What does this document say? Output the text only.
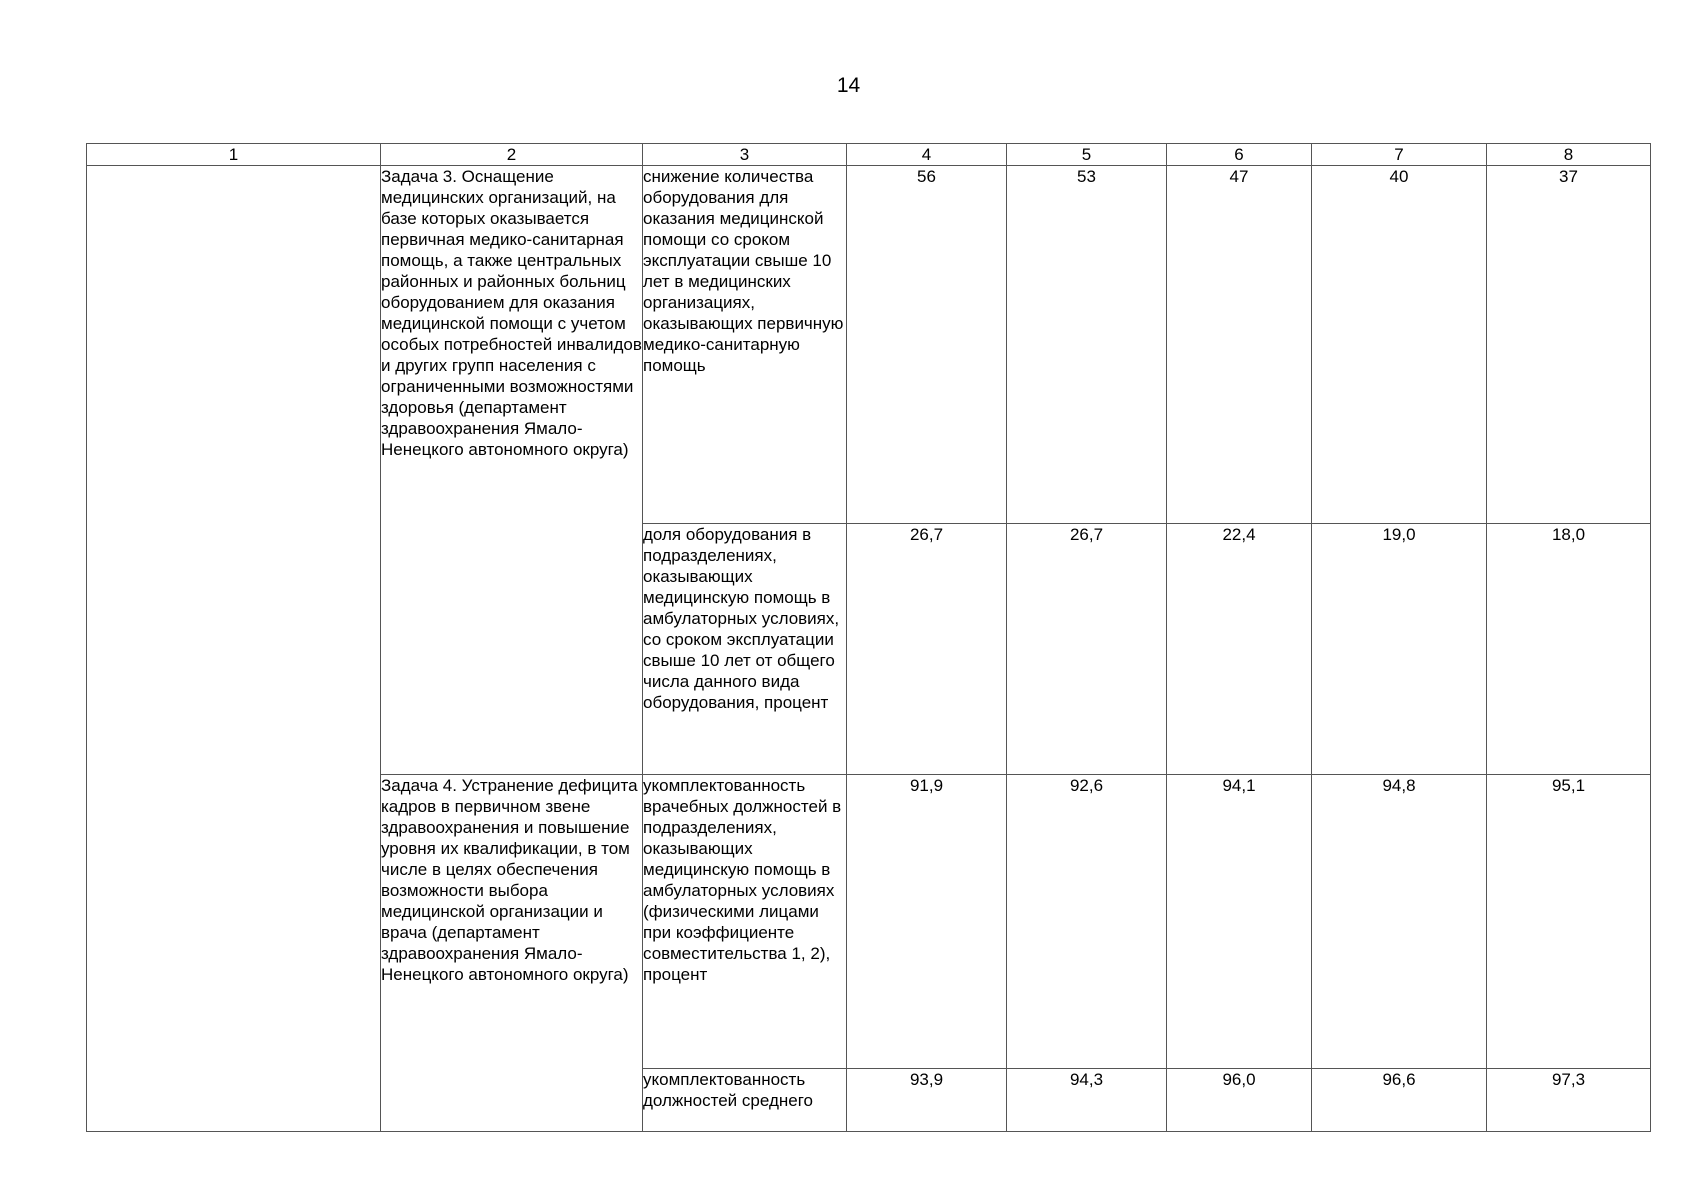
14
1	2	3	4	5	6	7	8
	Задача 3. Оснащение медицинских организаций, на базе которых оказывается первичная медико-санитарная помощь, а также центральных районных и районных больниц оборудованием для оказания медицинской помощи с учетом особых потребностей инвалидов и других групп населения с ограниченными возможностями здоровья (департамент здравоохранения Ямало-Ненецкого автономного округа)	снижение количества оборудования для оказания медицинской помощи со сроком эксплуатации свыше 10 лет в медицинских организациях, оказывающих первичную медико-санитарную помощь	56	53	47	40	37
		доля оборудования в подразделениях, оказывающих медицинскую помощь в амбулаторных условиях, со сроком эксплуатации свыше 10 лет от общего числа данного вида оборудования, процент	26,7	26,7	22,4	19,0	18,0
	Задача 4. Устранение дефицита кадров в первичном звене здравоохранения и повышение уровня их квалификации, в том числе в целях обеспечения возможности выбора медицинской организации и врача (департамент здравоохранения Ямало-Ненецкого автономного округа)	укомплектованность врачебных должностей в подразделениях, оказывающих медицинскую помощь в амбулаторных условиях (физическими лицами при коэффициенте совместительства 1, 2), процент	91,9	92,6	94,1	94,8	95,1
		укомплектованность должностей среднего	93,9	94,3	96,0	96,6	97,3
